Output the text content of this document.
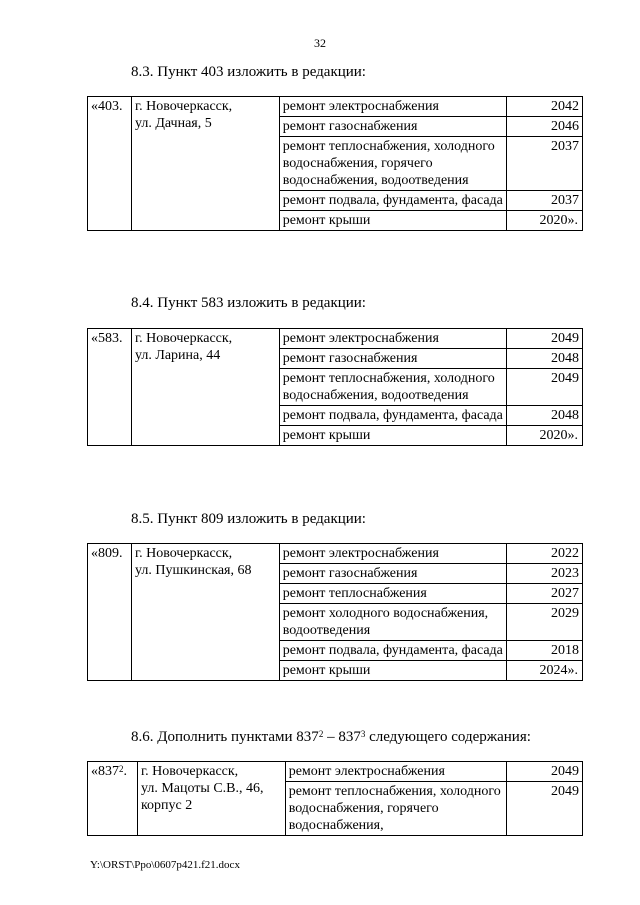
32
8.3. Пункт 403 изложить в редакции:
«403.	г. Новочеркасск,
ул. Дачная, 5	ремонт электроснабжения	2042
		ремонт газоснабжения	2046
		ремонт теплоснабжения, холодного водоснабжения, горячего водоснабжения, водоотведения	2037
		ремонт подвала, фундамента, фасада	2037
		ремонт крыши	2020».
8.4. Пункт 583 изложить в редакции:
«583.	г. Новочеркасск,
ул. Ларина, 44	ремонт электроснабжения	2049
		ремонт газоснабжения	2048
		ремонт теплоснабжения, холодного водоснабжения, водоотведения	2049
		ремонт подвала, фундамента, фасада	2048
		ремонт крыши	2020».
8.5. Пункт 809 изложить в редакции:
«809.	г. Новочеркасск,
ул. Пушкинская, 68	ремонт электроснабжения	2022
		ремонт газоснабжения	2023
		ремонт теплоснабжения	2027
		ремонт холодного водоснабжения, водоотведения	2029
		ремонт подвала, фундамента, фасада	2018
		ремонт крыши	2024».
8.6. Дополнить пунктами $837^2 - 837^3$ следующего содержания:
«$837^2$.	г. Новочеркасск,
ул. Мацоты С.В., 46,
корпус 2	ремонт электроснабжения	2049
		ремонт теплоснабжения, холодного водоснабжения, горячего водоснабжения,	2049
Y:\ORST\Ppo\0607p421.f21.docx
